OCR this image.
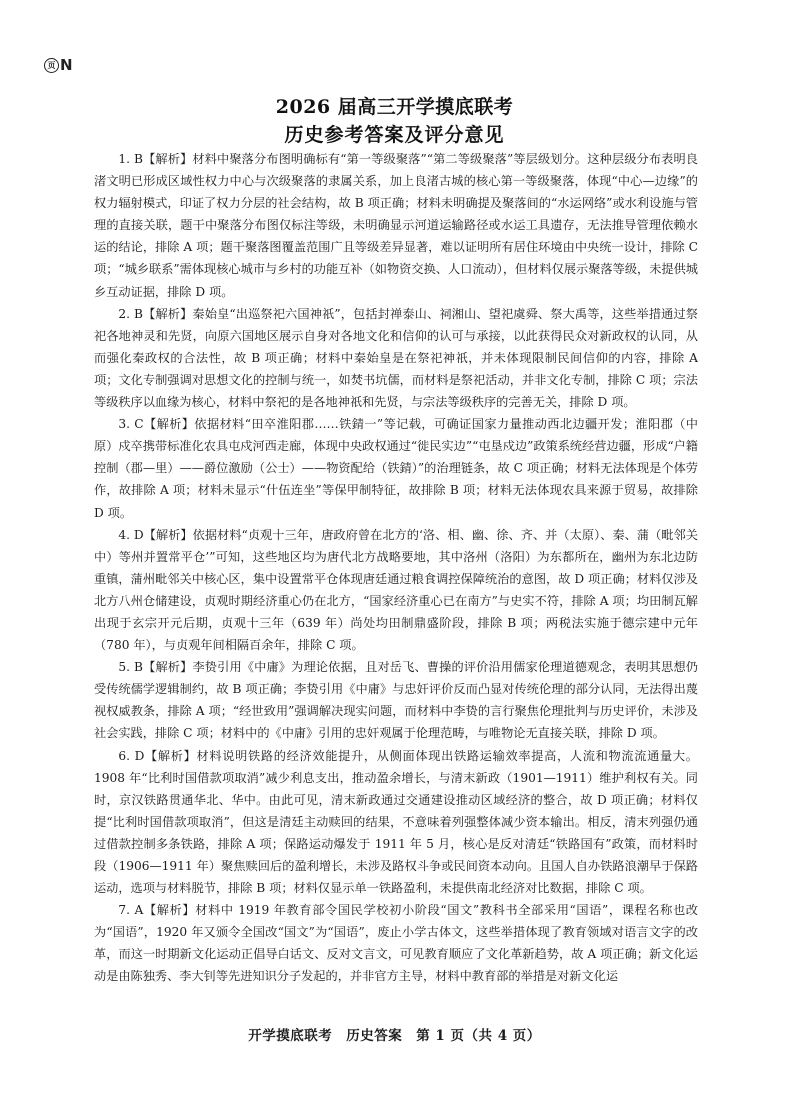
页 N
2026 届高三开学摸底联考
历史参考答案及评分意见

1. B【解析】材料中聚落分布图明确标有“第一等级聚落”“第二等级聚落”等层级划分。这种层级分布表明良渚文明已形成区域性权力中心与次级聚落的隶属关系，加上良渚古城的核心第一等级聚落，体现“中心—边缘”的权力辐射模式，印证了权力分层的社会结构，故 B 项正确；材料未明确提及聚落间的“水运网络”或水利设施与管理的直接关联，题干中聚落分布图仅标注等级，未明确显示河道运输路径或水运工具遗存，无法推导管理依赖水运的结论，排除 A 项；题干聚落图覆盖范围广且等级差异显著，难以证明所有居住环境由中央统一设计，排除 C 项；“城乡联系”需体现核心城市与乡村的功能互补（如物资交换、人口流动），但材料仅展示聚落等级，未提供城乡互动证据，排除 D 项。

2. B【解析】秦始皇“出巡祭祀六国神祇”，包括封禅泰山、祠湘山、望祀虞舜、祭大禹等，这些举措通过祭祀各地神灵和先贤，向原六国地区展示自身对各地文化和信仰的认可与承接，以此获得民众对新政权的认同，从而强化秦政权的合法性，故 B 项正确；材料中秦始皇是在祭祀神祇，并未体现限制民间信仰的内容，排除 A 项；文化专制强调对思想文化的控制与统一，如焚书坑儒，而材料是祭祀活动，并非文化专制，排除 C 项；宗法等级秩序以血缘为核心，材料中祭祀的是各地神祇和先贤，与宗法等级秩序的完善无关，排除 D 项。

3. C【解析】依据材料“田卒淮阳郡……铁錆一”等记载，可确证国家力量推动西北边疆开发；淮阳郡（中原）戍卒携带标准化农具屯戍河西走廊，体现中央政权通过“徙民实边”“屯垦戍边”政策系统经营边疆，形成“户籍控制（郡—里）——爵位激励（公士）——物资配给（铁錆）”的治理链条，故 C 项正确；材料无法体现是个体劳作，故排除 A 项；材料未显示“什伍连坐”等保甲制特征，故排除 B 项；材料无法体现农具来源于贸易，故排除 D 项。

4. D【解析】依据材料“贞观十三年，唐政府曾在北方的‘洛、相、幽、徐、齐、并（太原）、秦、蒲（毗邻关中）等州并置常平仓’”可知，这些地区均为唐代北方战略要地，其中洛州（洛阳）为东都所在，幽州为东北边防重镇，蒲州毗邻关中核心区，集中设置常平仓体现唐廷通过粮食调控保障统治的意图，故 D 项正确；材料仅涉及北方八州仓储建设，贞观时期经济重心仍在北方，“国家经济重心已在南方”与史实不符，排除 A 项；均田制瓦解出现于玄宗开元后期，贞观十三年（639 年）尚处均田制鼎盛阶段，排除 B 项；两税法实施于德宗建中元年（780 年），与贞观年间相隔百余年，排除 C 项。

5. B【解析】李贽引用《中庸》为理论依据，且对岳飞、曹操的评价沿用儒家伦理道德观念，表明其思想仍受传统儒学逻辑制约，故 B 项正确；李贽引用《中庸》与忠奸评价反而凸显对传统伦理的部分认同，无法得出蔑视权威教条，排除 A 项；“经世致用”强调解决现实问题，而材料中李贽的言行聚焦伦理批判与历史评价，未涉及社会实践，排除 C 项；材料中的《中庸》引用的忠奸观属于伦理范畴，与唯物论无直接关联，排除 D 项。

6. D【解析】材料说明铁路的经济效能提升，从侧面体现出铁路运输效率提高，人流和物流流通量大。1908 年“比利时国借款项取消”减少利息支出，推动盈余增长，与清末新政（1901—1911）维护利权有关。同时，京汉铁路贯通华北、华中。由此可见，清末新政通过交通建设推动区域经济的整合，故 D 项正确；材料仅提“比利时国借款项取消”，但这是清廷主动赎回的结果，不意味着列强整体减少资本输出。相反，清末列强仍通过借款控制多条铁路，排除 A 项；保路运动爆发于 1911 年 5 月，核心是反对清廷“铁路国有”政策，而材料时段（1906—1911 年）聚焦赎回后的盈利增长，未涉及路权斗争或民间资本动向。且国人自办铁路浪潮早于保路运动，选项与材料脱节，排除 B 项；材料仅显示单一铁路盈利，未提供南北经济对比数据，排除 C 项。

7. A【解析】材料中 1919 年教育部令国民学校初小阶段“国文”教科书全部采用“国语”，课程名称也改为“国语”，1920 年又颁令全国改“国文”为“国语”，废止小学古体文，这些举措体现了教育领域对语言文字的改革，而这一时期新文化运动正倡导白话文、反对文言文，可见教育顺应了文化革新趋势，故 A 项正确；新文化运动是由陈独秀、李大钊等先进知识分子发起的，并非官方主导，材料中教育部的举措是对新文化运

开学摸底联考　历史答案　第 1 页（共 4 页）
